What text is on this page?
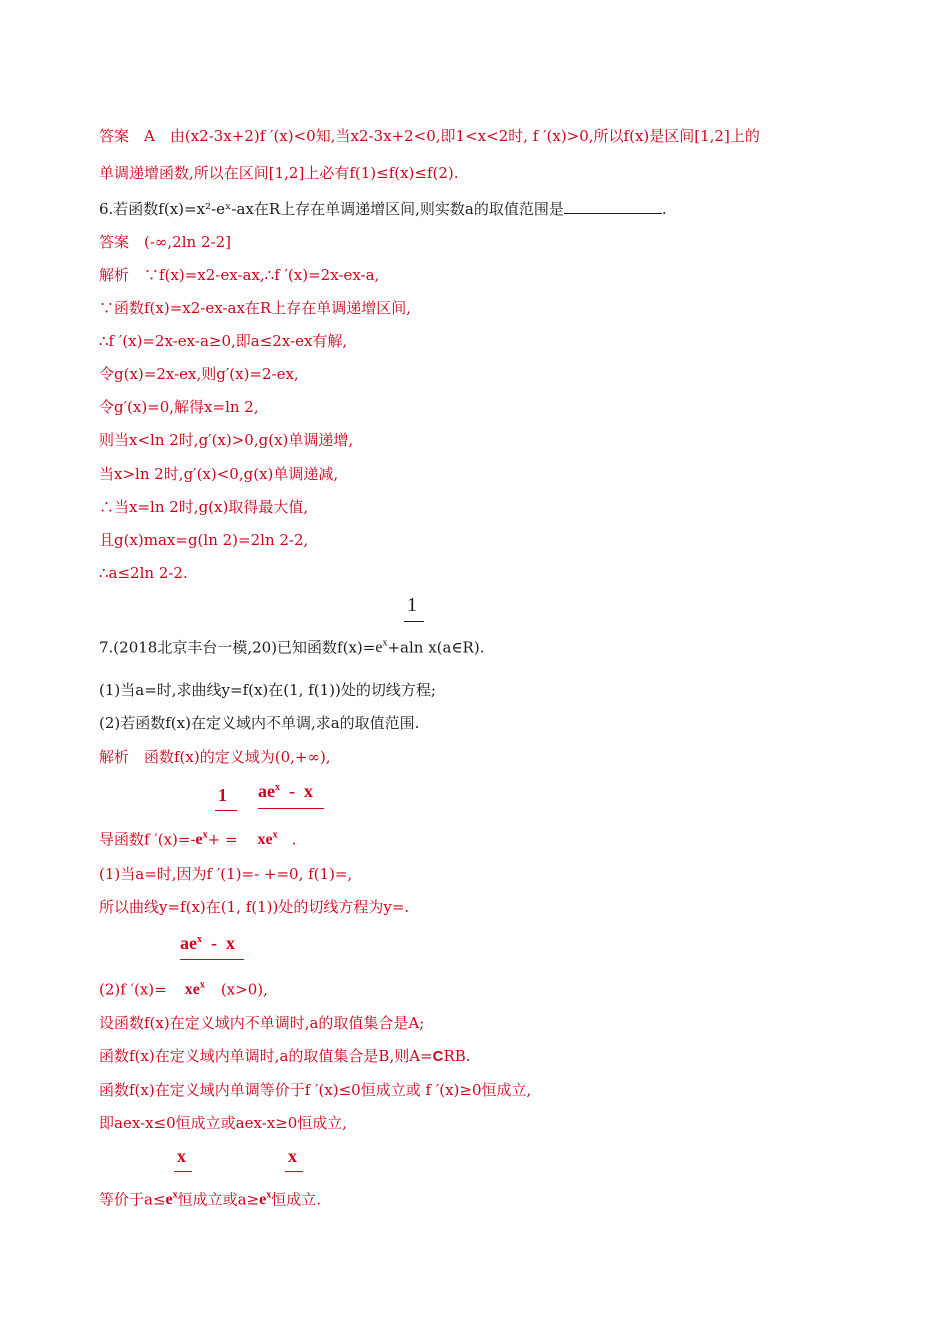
答案　A　由(x2-3x+2)f ′(x)<0知,当x2-3x+2<0,即1<x<2时, f ′(x)>0,所以f(x)是区间[1,2]上的
单调递增函数,所以在区间[1,2]上必有f(1)≤f(x)≤f(2).
6.若函数f(x)=x²-eˣ-ax在R上存在单调递增区间,则实数a的取值范围是	.
答案　(-∞,2ln 2-2]
解析　∵f(x)=x2-ex-ax,∴f ′(x)=2x-ex-a,
∵函数f(x)=x2-ex-ax在R上存在单调递增区间,
∴f ′(x)=2x-ex-a≥0,即a≤2x-ex有解,
令g(x)=2x-ex,则g′(x)=2-ex,
令g′(x)=0,解得x=ln 2,
则当x<ln 2时,g′(x)>0,g(x)单调递增,
当x>ln 2时,g′(x)<0,g(x)单调递减,
∴当x=ln 2时,g(x)取得最大值,
且g(x)max=g(ln 2)=2ln 2-2,
∴a≤2ln 2-2.
1
7.(2018北京丰台一模,20)已知函数$f(x)=e^x+aln$ x(a∈R).
(1)当a=时,求曲线y=f(x)在(1, f(1))处的切线方程;
(2)若函数f(x)在定义域内不单调,求a的取值范围.
解析　函数f(x)的定义域为(0,+∞),
1 $ae^x$ - x
导函数f $'(x)=-e^x+ = xe^x$ .
(1)当a=时,因为f ′(1)=- +=0, f(1)=,
所以曲线y=f(x)在(1, f(1))处的切线方程为y=.
$ae^x$ - x
(2)f $'(x)= xe^x$ (x>0),
设函数f(x)在定义域内不单调时,a的取值集合是A;
函数f(x)在定义域内单调时,a的取值集合是B,则A=CRB.
函数f(x)在定义域内单调等价于f ′(x)≤0恒成立或 f ′(x)≥0恒成立,
即aex-x≤0恒成立或aex-x≥0恒成立,
x	x
等价于$a\le e^x$恒成立或$a\ge e^x$恒成立.
